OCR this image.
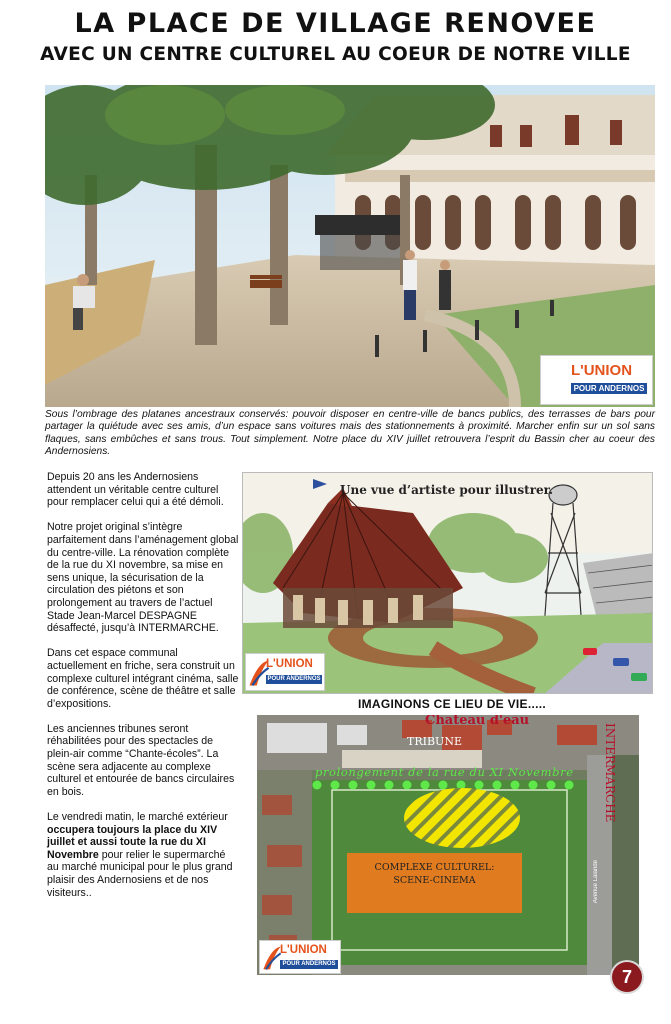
LA PLACE DE VILLAGE RENOVEE
AVEC UN CENTRE CULTUREL AU COEUR DE NOTRE VILLE
L'UNION
POUR ANDERNOS
Sous l’ombrage des platanes ancestraux conservés: pouvoir disposer en centre-ville de bancs publics, des terrasses de bars pour partager la quiétude avec ses amis, d’un espace sans voitures mais des stationnements à proximité. Marcher enfin sur un sol sans flaques, sans embûches et sans trous. Tout simplement. Notre place du XIV juillet retrouvera l’esprit du Bassin cher au coeur des Andernosiens.

Depuis 20 ans les Andernosiens attendent un véritable centre culturel pour remplacer celui qui a été démoli.

Notre projet original s’intègre parfaitement dans l’aménagement global du centre-ville. La rénovation complète de la rue du XI novembre, sa mise en sens unique, la sécurisation de la circulation des piétons et son prolongement au travers de l’actuel Stade Jean-Marcel DESPAGNE désaffecté, jusqu’à INTERMARCHE.

Dans cet espace communal actuellement en friche, sera construit un complexe culturel intégrant cinéma, salle de conférence, scène de théâtre et salle d’expositions.

Les anciennes tribunes seront réhabilitées pour des spectacles de plein-air comme “Chante-écoles”. La scène sera adjacente au complexe culturel et entourée de bancs circulaires en bois.

Le vendredi matin, le marché extérieur occupera toujours la place du XIV juillet et aussi toute la rue du XI Novembre pour relier le supermarché au marché municipal pour le plus grand plaisir des Andernosiens et de nos visiteurs..

Une vue d’artiste pour illustrer.
L'UNION
POUR ANDERNOS
IMAGINONS CE LIEU DE VIE.....
Chateau d'eau
TRIBUNE
prolongement de la rue du XI Novembre INTERMARCHE
Avenue Lalande
COMPLEXE CULTUREL:
SCENE-CINEMA
L'UNION
POUR ANDERNOS
7
